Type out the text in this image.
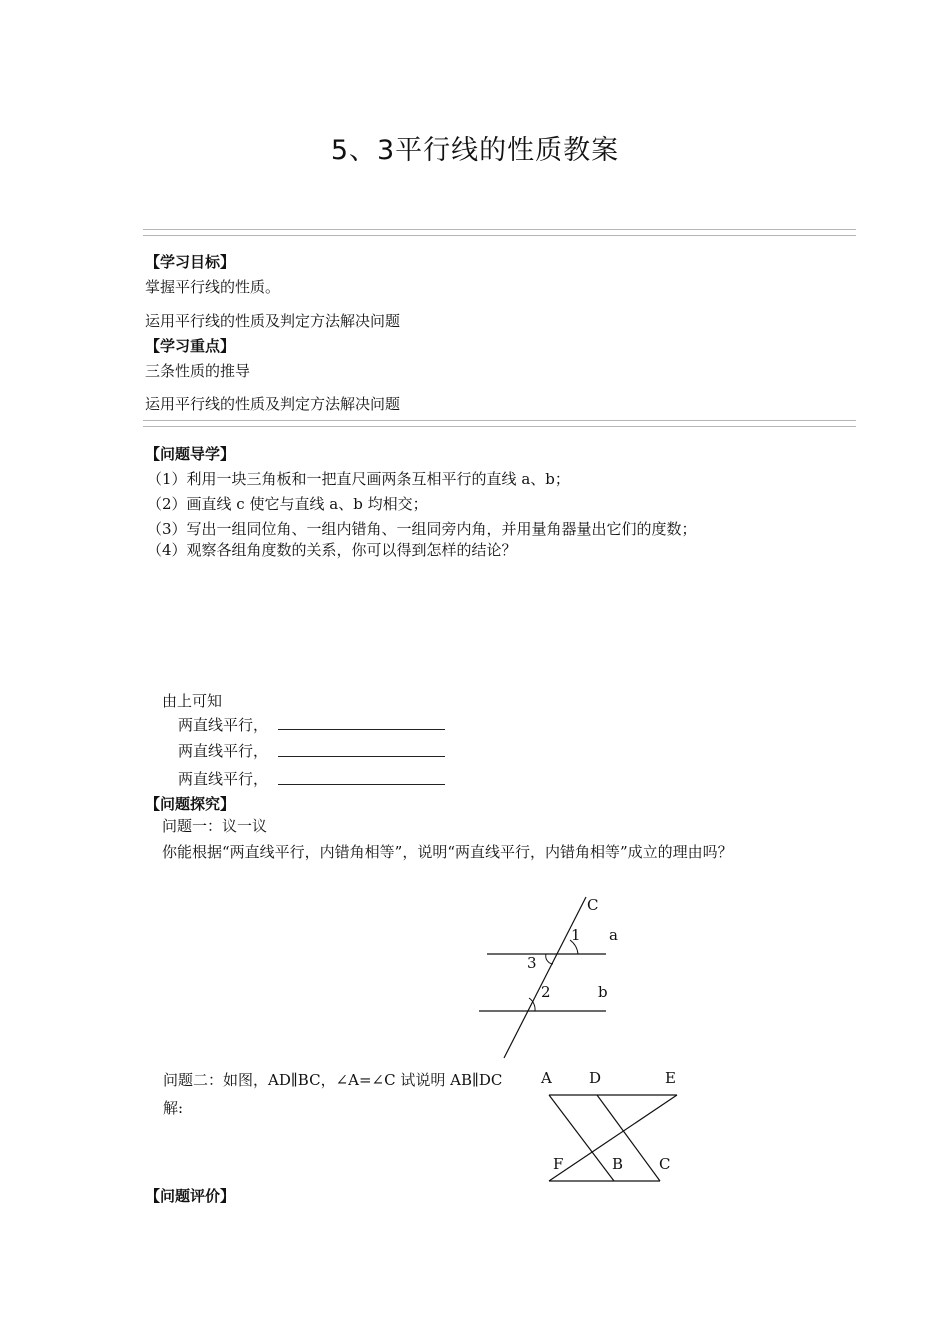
5、3平行线的性质教案
【学习目标】
掌握平行线的性质。
运用平行线的性质及判定方法解决问题
【学习重点】
三条性质的推导
运用平行线的性质及判定方法解决问题
【问题导学】
（1）利用一块三角板和一把直尺画两条互相平行的直线 a、b；
（2）画直线 c 使它与直线 a、b 均相交；
（3）写出一组同位角、一组内错角、一组同旁内角，并用量角器量出它们的度数；
（4）观察各组角度数的关系，你可以得到怎样的结论？
由上可知
两直线平行，
两直线平行，
两直线平行，
【问题探究】
问题一：议一议
你能根据“两直线平行，内错角相等”，说明“两直线平行，内错角相等”成立的理由吗？
C
a
1
3
2	b
A D	E
F	B C
问题二：如图，AD∥BC，∠A=∠C 试说明 AB∥DC
解:
【问题评价】
